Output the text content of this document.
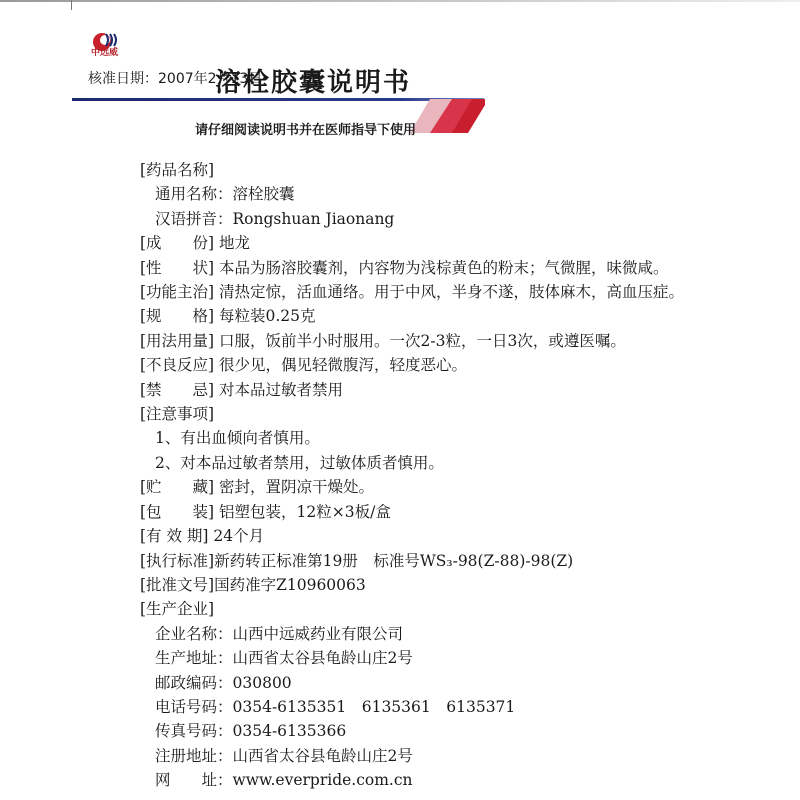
中远威
核准日期：2007年2月13日
溶栓胶囊说明书
请仔细阅读说明书并在医师指导下使用
[药品名称]
通用名称：溶栓胶囊
汉语拼音：Rongshuan Jiaonang
[成　　份] 地龙
[性　　状] 本品为肠溶胶囊剂，内容物为浅棕黄色的粉末；气微腥，味微咸。
[功能主治] 清热定惊，活血通络。用于中风，半身不遂，肢体麻木，高血压症。
[规　　格] 每粒装0.25克
[用法用量] 口服，饭前半小时服用。一次2-3粒，一日3次，或遵医嘱。
[不良反应] 很少见，偶见轻微腹泻，轻度恶心。
[禁　　忌] 对本品过敏者禁用
[注意事项]
1、有出血倾向者慎用。
2、对本品过敏者禁用，过敏体质者慎用。
[贮　　藏] 密封，置阴凉干燥处。
[包　　装] 铝塑包装，12粒×3板/盒
[有 效 期] 24个月
[执行标准]新药转正标准第19册　标准号WS₃-98(Z-88)-98(Z)
[批准文号]国药准字Z10960063
[生产企业]
企业名称：山西中远威药业有限公司
生产地址：山西省太谷县龟龄山庄2号
邮政编码：030800
电话号码：0354-6135351　6135361　6135371
传真号码：0354-6135366
注册地址：山西省太谷县龟龄山庄2号
网　　址：www.everpride.com.cn
